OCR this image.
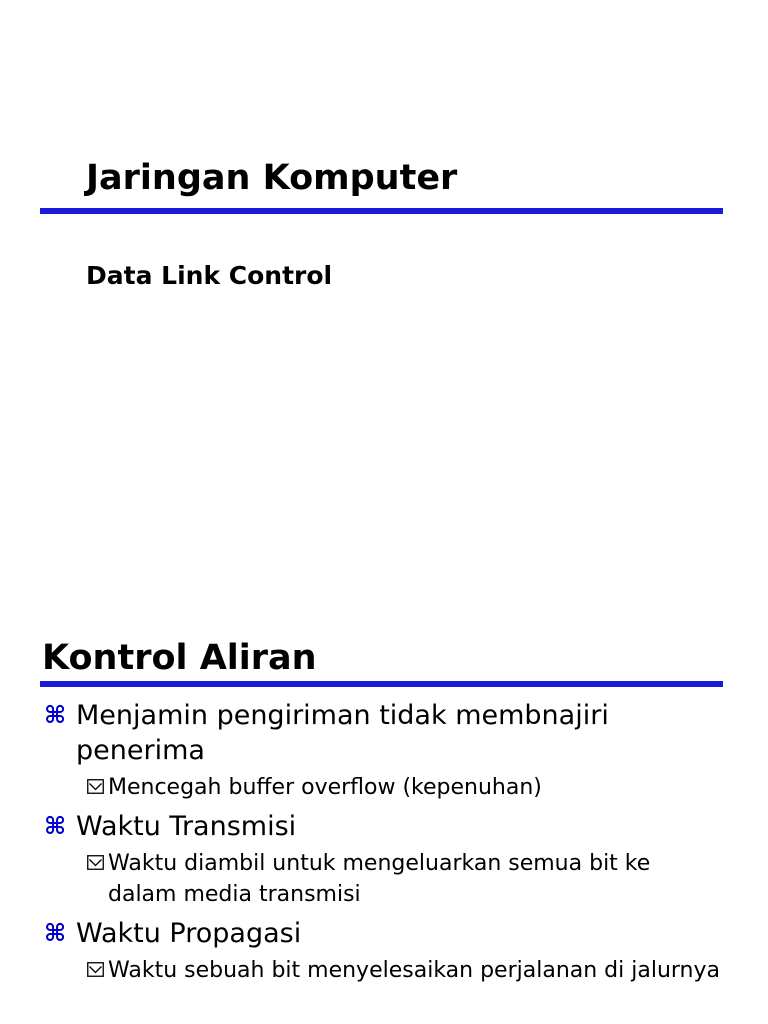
Jaringan Komputer
Data Link Control
Kontrol Aliran
⌘ Menjamin pengiriman tidak membnajiri penerima
Mencegah buffer overflow (kepenuhan)
⌘ Waktu Transmisi
Waktu diambil untuk mengeluarkan semua bit ke dalam media transmisi
⌘ Waktu Propagasi
Waktu sebuah bit menyelesaikan perjalanan di jalurnya
